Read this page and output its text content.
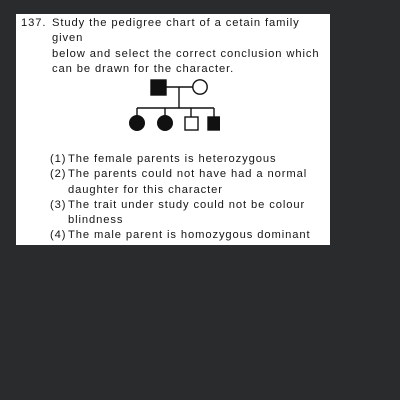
137. Study the pedigree chart of a cetain family given
below and select the correct conclusion which
can be drawn for the character.

(1) The female parents is heterozygous
(2) The parents could not have had a normal daughter for this character
(3) The trait under study could not be colour blindness
(4) The male parent is homozygous dominant
